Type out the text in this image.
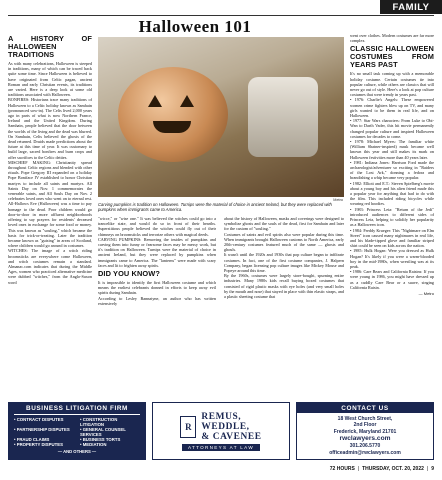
FAMILY
Halloween 101
A HISTORY OF HALLOWEEN TRADITIONS

As with many celebrations, Halloween is steeped in traditions, many of which can be traced back quite some time. Since Halloween is believed to have originated from Celtic pagan, ancient Roman and early Christian events, its traditions are varied. Here is a deep look at some old traditions associated with Halloween.

BONFIRES: Historians trace many traditions of Halloween to a Celtic holiday known as Samhain (pronounced sow-in). The Celts lived 2,000 years ago in parts of what is now Northern France, Ireland and the United Kingdom. During Samhain, people believed that the door between the worlds of the living and the dead was blurred. On Samhain, Celts believed the ghosts of the dead returned. Druids made predictions about the future at this time of year. It was customary to build large, sacred bonfires and burn crops and offer sacrifices to the Celtic deities.

MISCHIEF MAKING: Christianity spread throughout Celtic regions and blended with other rituals. Pope Gregory III expanded on a holiday Pope Boniface IV established to honor Christian martyrs to include all saints and martyrs. All Saints Day on Nov. 1 commemorates the venerable saints, and All Souls Day on Nov. 2 celebrates loved ones who went on to eternal rest. All-Hallows Eve (Halloween) was a time to pay homage to the dead. Poor children would go door-to-door in more affluent neighborhoods offering to say prayers for residents' deceased loved ones in exchange for some food or money. This was known as "souling," which became the basis for trick-or-treating. Later the tradition became known as "guising" in areas of Scotland, where children would go around in costumes.

WITCHES: The image of a witch riding broomsticks are everywhere come Halloween, and witch costumes remain a standard. Almanac.com indicates that during the Middle Ages, women who practiced alternative medicine were dubbed "witches," from the Anglo-Saxon word

Metro
Carving pumpkins is tradition on Halloween. Turnips were the material of choice in ancient Ireland, but they were replaced with pumpkins when immigrants came to America.

"wicce," or "wise one." It was believed the witches could go into a trancelike state, and would do so in front of their hearths. Superstitious people believed the witches could fly out of their chimneys on broomsticks and terrorize others with magical deeds.

CARVING PUMPKINS: Removing the insides of pumpkins and carving them into funny or fearsome faces may be messy work, but it's tradition on Halloween. Turnips were the material of choice in ancient Ireland, but they were replaced by pumpkins when immigrants came to America. The "lanterns" were made with scary faces and lit to frighten away spirits.

DID YOU KNOW?

It is impossible to identify the first Halloween costume and which means the earliest celebrants donned in efforts to keep away evil spirits during Samhain.

According to Lesley Bannatyne, an author who has written extensively

about the history of Halloween, masks and coverings were designed to symbolize ghosts and the souls of the dead, first for Samhain and later for the custom of "souling."

Costumes of saints and evil spirits also were popular during this time. When immigrants brought Halloween customs to North America, early 20th-century costumes featured much of the same — ghosts and ghouls.

It wasn't until the 1920s and 1930s that pop culture began to infiltrate costumes. In fact, one of the first costume companies, J. Halpern Company, began licensing pop culture images like Mickey Mouse and Popeye around this time.

By the 1960s, costumes were largely store-bought, spurning entire industries. Many 1980s kids recall buying boxed costumes that consisted of rigid plastic masks with eye holes (and very small holes by the mouth and nose) that stayed in place with thin elastic straps, and a plastic sheeting costume that

went over clothes. Modern costumes are far more complex.

CLASSIC HALLOWEEN COSTUMES FROM YEARS PAST

It's no small task coming up with a memorable holiday costume. Certain costumes tie into popular culture, while others are classics that will never go out of style. Here's a look at pop culture costumes that were trendy in years past.

• 1976: Charlie's Angels: These empowered women crime fighters blew up on TV, and many girls wanted to be them in real life, and on Halloween.

• 1977: Star Wars characters: From Luke to Obi-Wan to Darth Vader, this hit movie permanently changed popular culture and inspired Halloween costumes for decades to come.

• 1978: Michael Myers: The familiar white (William Shatner-inspired) mask became well known this year and still makes its mark on Halloween festivities more than 40 years later.

• 1981: Indiana Jones: Harrison Ford made the archaeologist/adventurer so exciting in "Raiders of the Lost Ark," donning a fedora and brandishing a whip became very popular.

• 1982: Elliott and E.T.: Steven Spielberg's movie about a young boy and his alien friend made this a popular year for anything that had to do with the film. This included riding bicycles while wearing red hoodies.

• 1983: Princess Leia: "Return of the Jedi" introduced audiences to different sides of Princess Leia, helping to solidify her popularity as a Halloween icon.

• 1984: Freddy Krueger: This "Nightmare on Elm Street" icon caused many nightmares in real life, and his blade-tipped glove and familiar striped shirt could be seen on kids across the nation.

• 1985: Hulk Hogan: Were you dressed as Hulk Hogan? It's likely if you were a warm-blooded boy in the mid-1980s, when wrestling was at its peak.

• 1986: Care Bears and California Raisins: If you were young in 1986, you might have dressed up as a cuddly Care Bear or a suave, singing California Raisin.

— Metro
BUSINESS LITIGATION FIRM
• CONTRACT DISPUTES	• CONSTRUCTION LITIGATION
• PARTNERSHIP DISPUTES	• GENERAL COUNSEL SERVICES
• FRAUD CLAIMS	• BUSINESS TORTS
• PROPERTY DISPUTES	• MEDIATION
— AND OTHERS —
R
REMUS,
WEDDLE,
& CAVENEE
ATTORNEYS AT LAW
CONTACT US
18 West Church Street,
2nd Floor
Frederick, Maryland 21701
rwclawyers.com
301.206.5770
officeadmin@rwclawyers.com
72 HOURS | THURSDAY, OCT. 20, 2022 | 9
